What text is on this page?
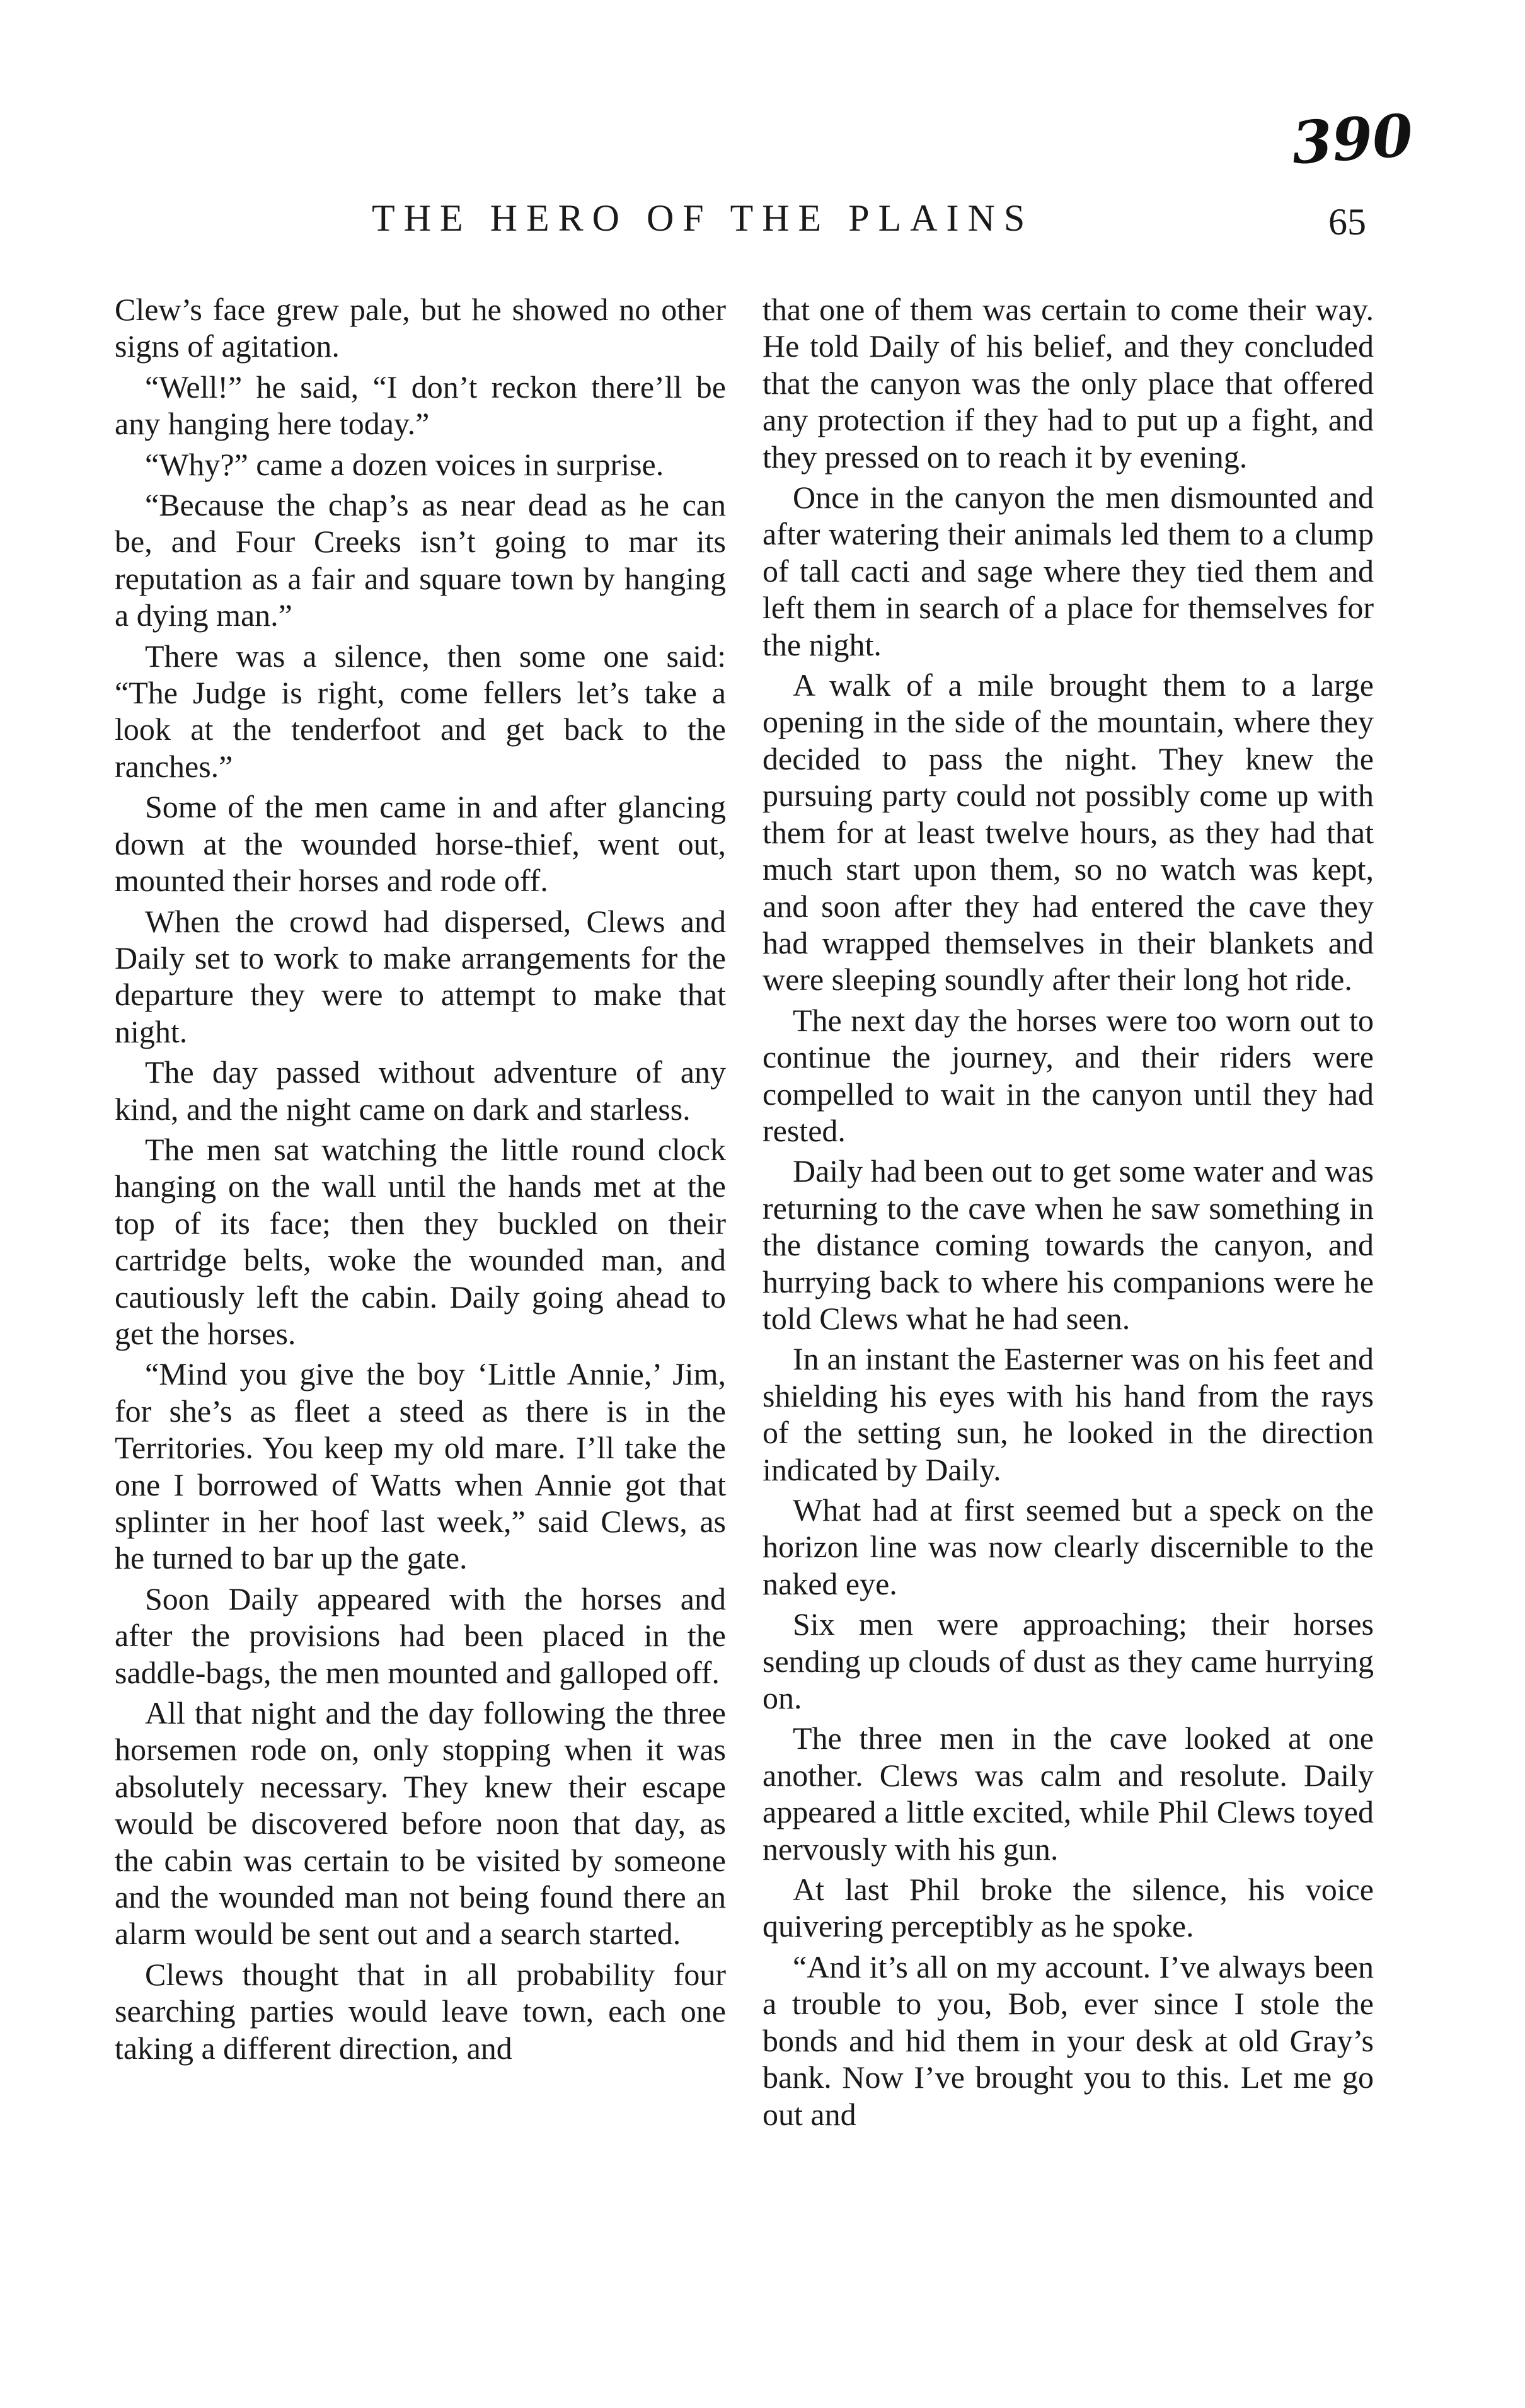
390
THE HERO OF THE PLAINS	65

Clew’s face grew pale, but he showed no other signs of agitation.

“Well!” he said, “I don’t reckon there’ll be any hanging here today.”

“Why?” came a dozen voices in surprise.

“Because the chap’s as near dead as he can be, and Four Creeks isn’t going to mar its reputation as a fair and square town by hanging a dying man.”

There was a silence, then some one said: “The Judge is right, come fellers let’s take a look at the tenderfoot and get back to the ranches.”

Some of the men came in and after glancing down at the wounded horse-thief, went out, mounted their horses and rode off.

When the crowd had dispersed, Clews and Daily set to work to make arrangements for the departure they were to attempt to make that night.

The day passed without adventure of any kind, and the night came on dark and starless.

The men sat watching the little round clock hanging on the wall until the hands met at the top of its face; then they buckled on their cartridge belts, woke the wounded man, and cautiously left the cabin. Daily going ahead to get the horses.

“Mind you give the boy ‘Little Annie,’ Jim, for she’s as fleet a steed as there is in the Territories. You keep my old mare. I’ll take the one I borrowed of Watts when Annie got that splinter in her hoof last week,” said Clews, as he turned to bar up the gate.

Soon Daily appeared with the horses and after the provisions had been placed in the saddle-bags, the men mounted and galloped off.

All that night and the day following the three horsemen rode on, only stopping when it was absolutely necessary. They knew their escape would be discovered before noon that day, as the cabin was certain to be visited by someone and the wounded man not being found there an alarm would be sent out and a search started.

Clews thought that in all probability four searching parties would leave town, each one taking a different direction, and

that one of them was certain to come their way. He told Daily of his belief, and they concluded that the canyon was the only place that offered any protection if they had to put up a fight, and they pressed on to reach it by evening.

Once in the canyon the men dismounted and after watering their animals led them to a clump of tall cacti and sage where they tied them and left them in search of a place for themselves for the night.

A walk of a mile brought them to a large opening in the side of the mountain, where they decided to pass the night. They knew the pursuing party could not possibly come up with them for at least twelve hours, as they had that much start upon them, so no watch was kept, and soon after they had entered the cave they had wrapped themselves in their blankets and were sleeping soundly after their long hot ride.

The next day the horses were too worn out to continue the journey, and their riders were compelled to wait in the canyon until they had rested.

Daily had been out to get some water and was returning to the cave when he saw something in the distance coming towards the canyon, and hurrying back to where his companions were he told Clews what he had seen.

In an instant the Easterner was on his feet and shielding his eyes with his hand from the rays of the setting sun, he looked in the direction indicated by Daily.

What had at first seemed but a speck on the horizon line was now clearly discernible to the naked eye.

Six men were approaching; their horses sending up clouds of dust as they came hurrying on.

The three men in the cave looked at one another. Clews was calm and resolute. Daily appeared a little excited, while Phil Clews toyed nervously with his gun.

At last Phil broke the silence, his voice quivering perceptibly as he spoke.

“And it’s all on my account. I’ve always been a trouble to you, Bob, ever since I stole the bonds and hid them in your desk at old Gray’s bank. Now I’ve brought you to this. Let me go out and
